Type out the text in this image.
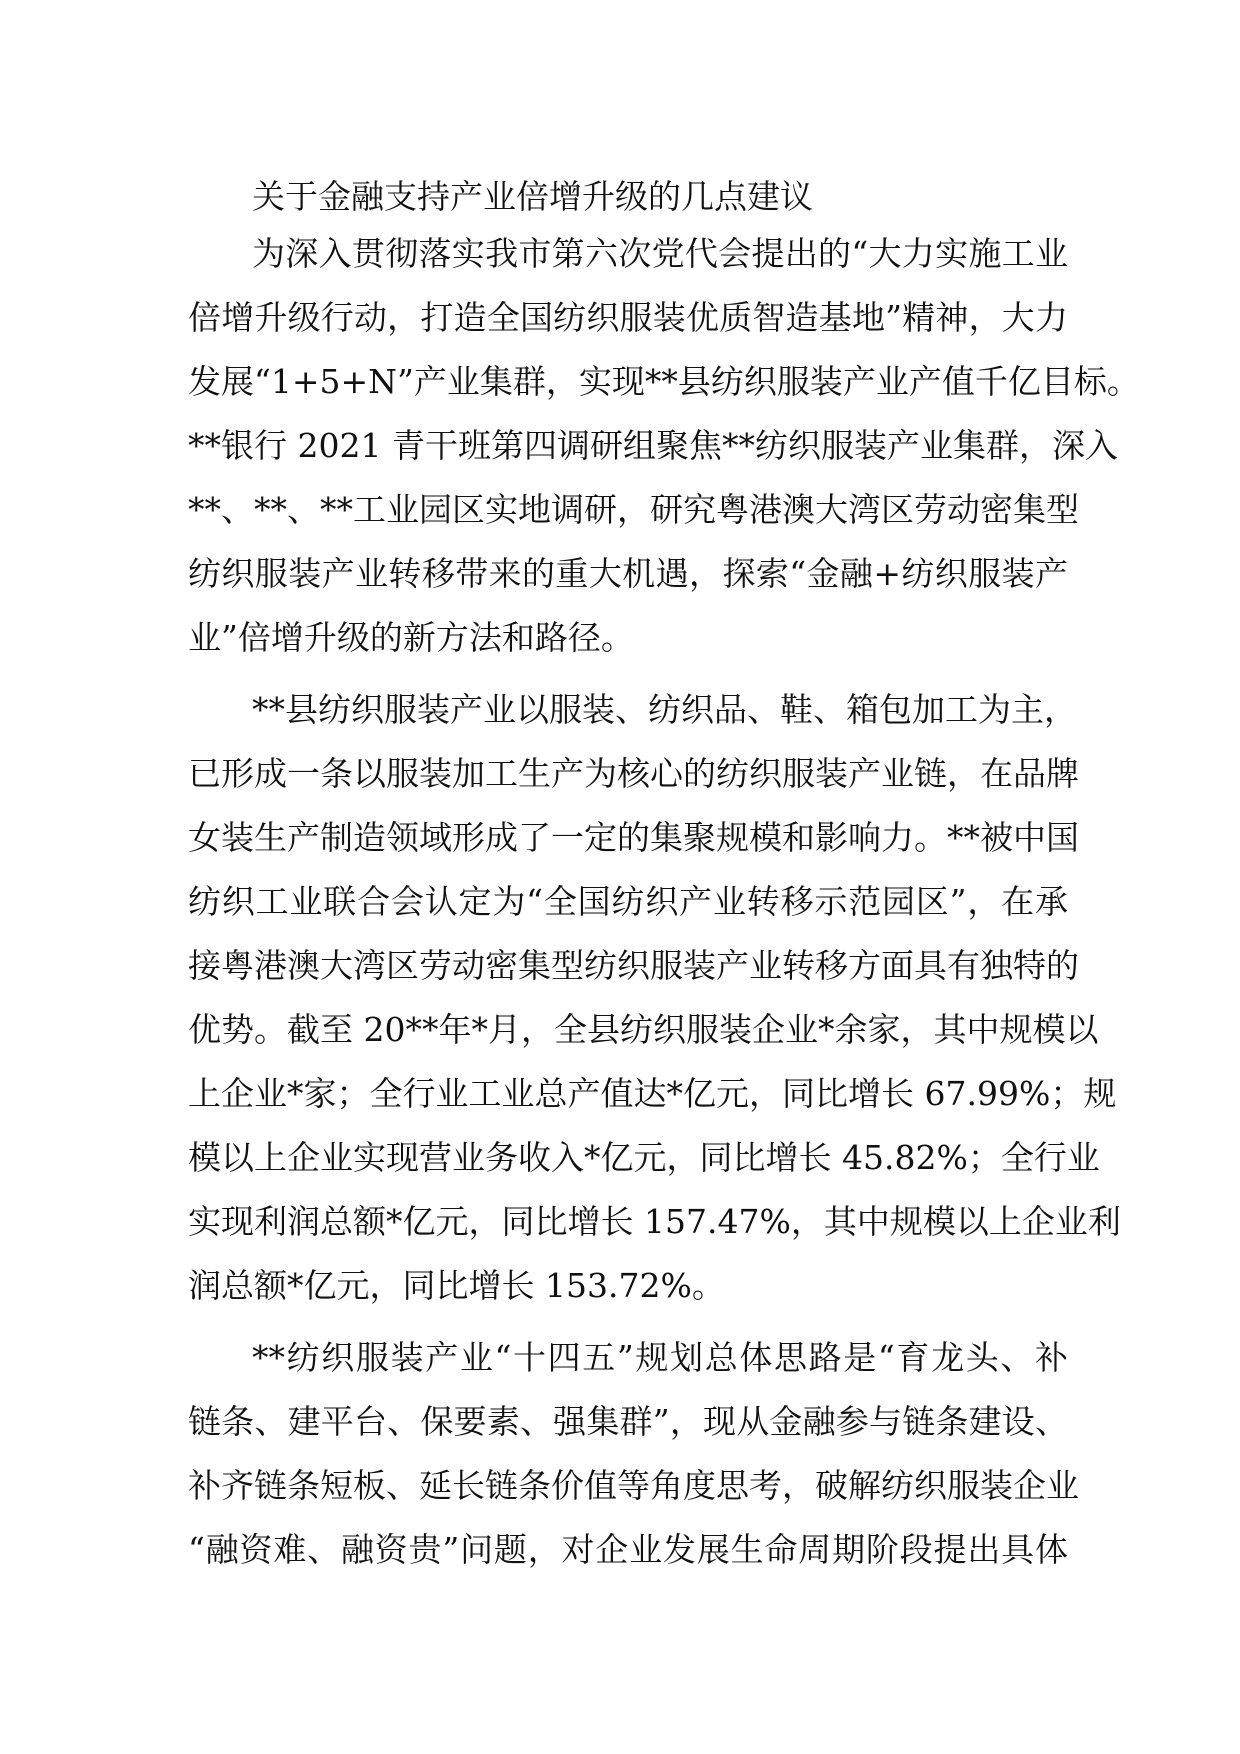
关于金融支持产业倍增升级的几点建议
为深入贯彻落实我市第六次党代会提出的“大力实施工业
倍增升级行动，打造全国纺织服装优质智造基地”精神，大力
发展“1+5+N”产业集群，实现**县纺织服装产业产值千亿目标。
**银行 2021 青干班第四调研组聚焦**纺织服装产业集群，深入
**、**、**工业园区实地调研，研究粤港澳大湾区劳动密集型
纺织服装产业转移带来的重大机遇，探索“金融+纺织服装产
业”倍增升级的新方法和路径。
**县纺织服装产业以服装、纺织品、鞋、箱包加工为主，
已形成一条以服装加工生产为核心的纺织服装产业链，在品牌
女装生产制造领域形成了一定的集聚规模和影响力。**被中国
纺织工业联合会认定为“全国纺织产业转移示范园区”，在承
接粤港澳大湾区劳动密集型纺织服装产业转移方面具有独特的
优势。截至 20**年*月，全县纺织服装企业*余家，其中规模以
上企业*家；全行业工业总产值达*亿元，同比增长 67.99%；规
模以上企业实现营业务收入*亿元，同比增长 45.82%；全行业
实现利润总额*亿元，同比增长 157.47%，其中规模以上企业利
润总额*亿元，同比增长 153.72%。
**纺织服装产业“十四五”规划总体思路是“育龙头、补
链条、建平台、保要素、强集群”，现从金融参与链条建设、
补齐链条短板、延长链条价值等角度思考，破解纺织服装企业
“融资难、融资贵”问题，对企业发展生命周期阶段提出具体
